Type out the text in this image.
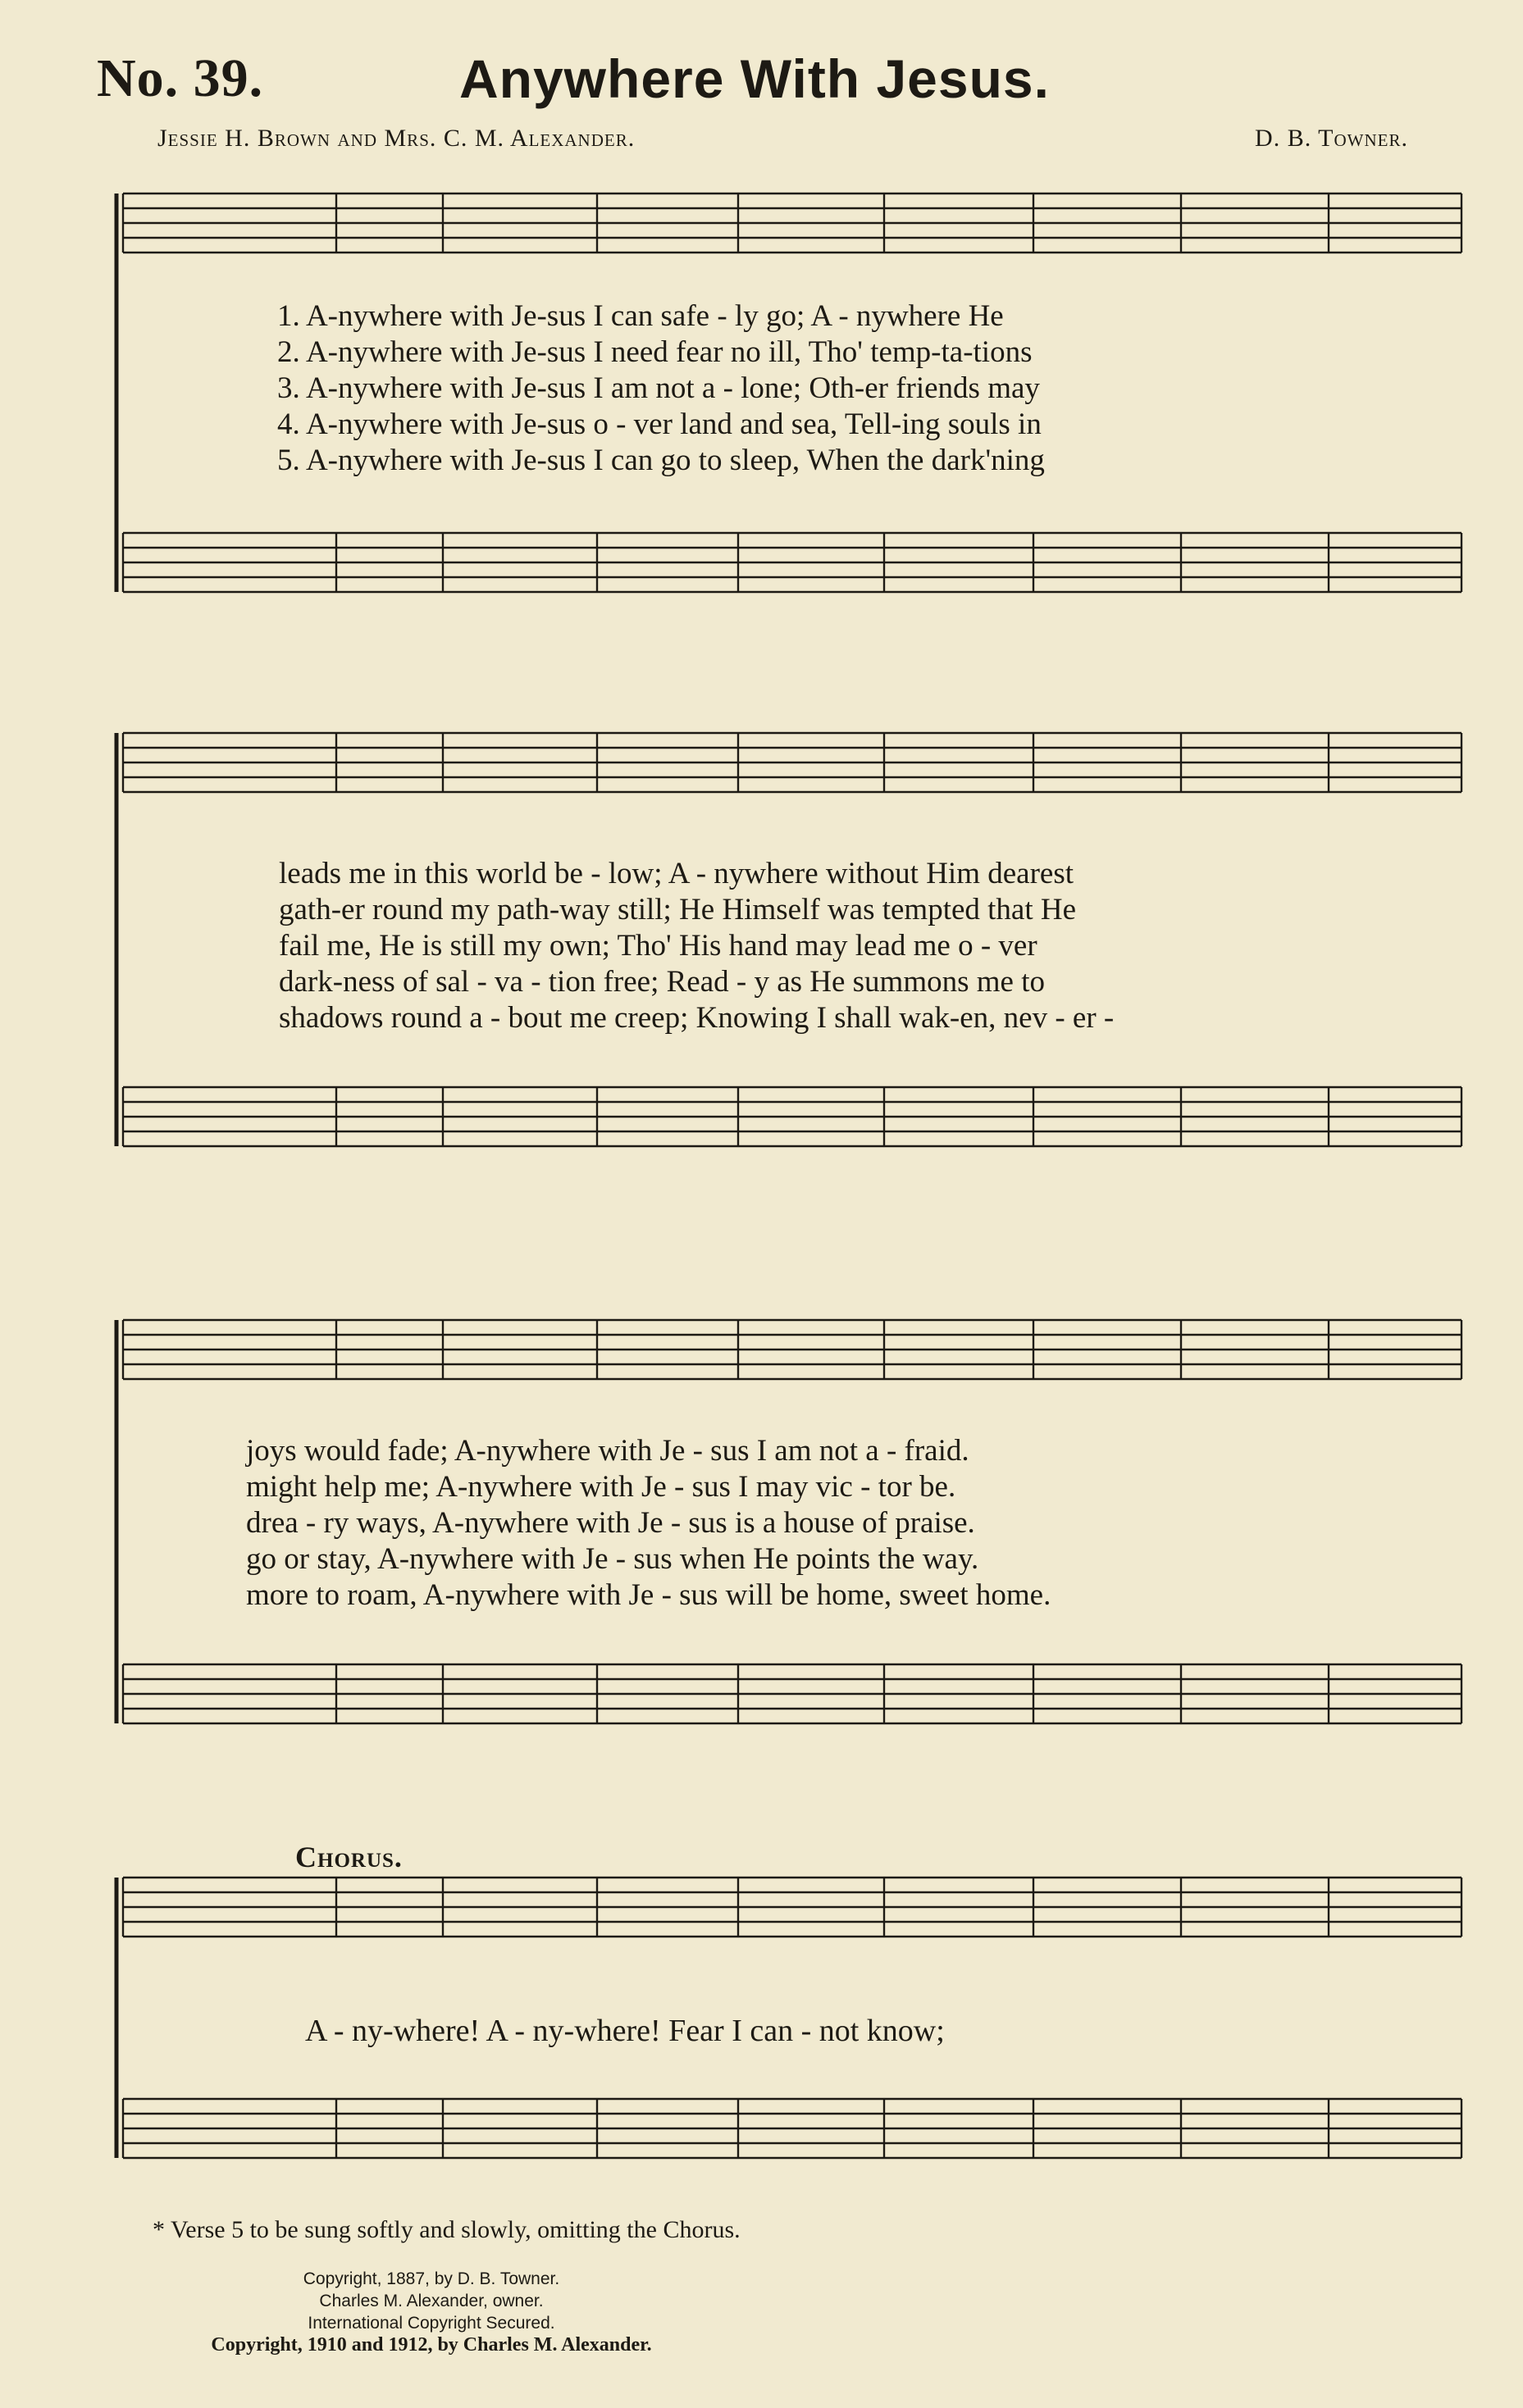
No. 39.	Anywhere With Jesus.
Jessie H. Brown and Mrs. C. M. Alexander.	D. B. Towner.
1. A-nywhere with Je-sus I can safe - ly go; A - nywhere He
2. A-nywhere with Je-sus I need fear no ill, Tho' temp-ta-tions
3. A-nywhere with Je-sus I am not a - lone; Oth-er friends may
4. A-nywhere with Je-sus o - ver land and sea, Tell-ing souls in
5. A-nywhere with Je-sus I can go to sleep, When the dark'ning
leads me in this world be - low; A - nywhere without Him dearest
gath-er round my path-way still; He Himself was tempted that He
fail me, He is still my own; Tho' His hand may lead me o - ver
dark-ness of sal - va - tion free; Read - y as He summons me to
shadows round a - bout me creep; Knowing I shall wak-en, nev - er -
joys would fade; A-nywhere with Je - sus I am not a - fraid.
might help me; A-nywhere with Je - sus I may vic - tor be.
drea - ry ways, A-nywhere with Je - sus is a house of praise.
go or stay, A-nywhere with Je - sus when He points the way.
more to roam, A-nywhere with Je - sus will be home, sweet home.
Chorus.
A - ny-where! A - ny-where! Fear I can - not know;
* Verse 5 to be sung softly and slowly, omitting the Chorus.
Copyright, 1887, by D. B. Towner.
Charles M. Alexander, owner.
International Copyright Secured.
Copyright, 1910 and 1912, by Charles M. Alexander.
